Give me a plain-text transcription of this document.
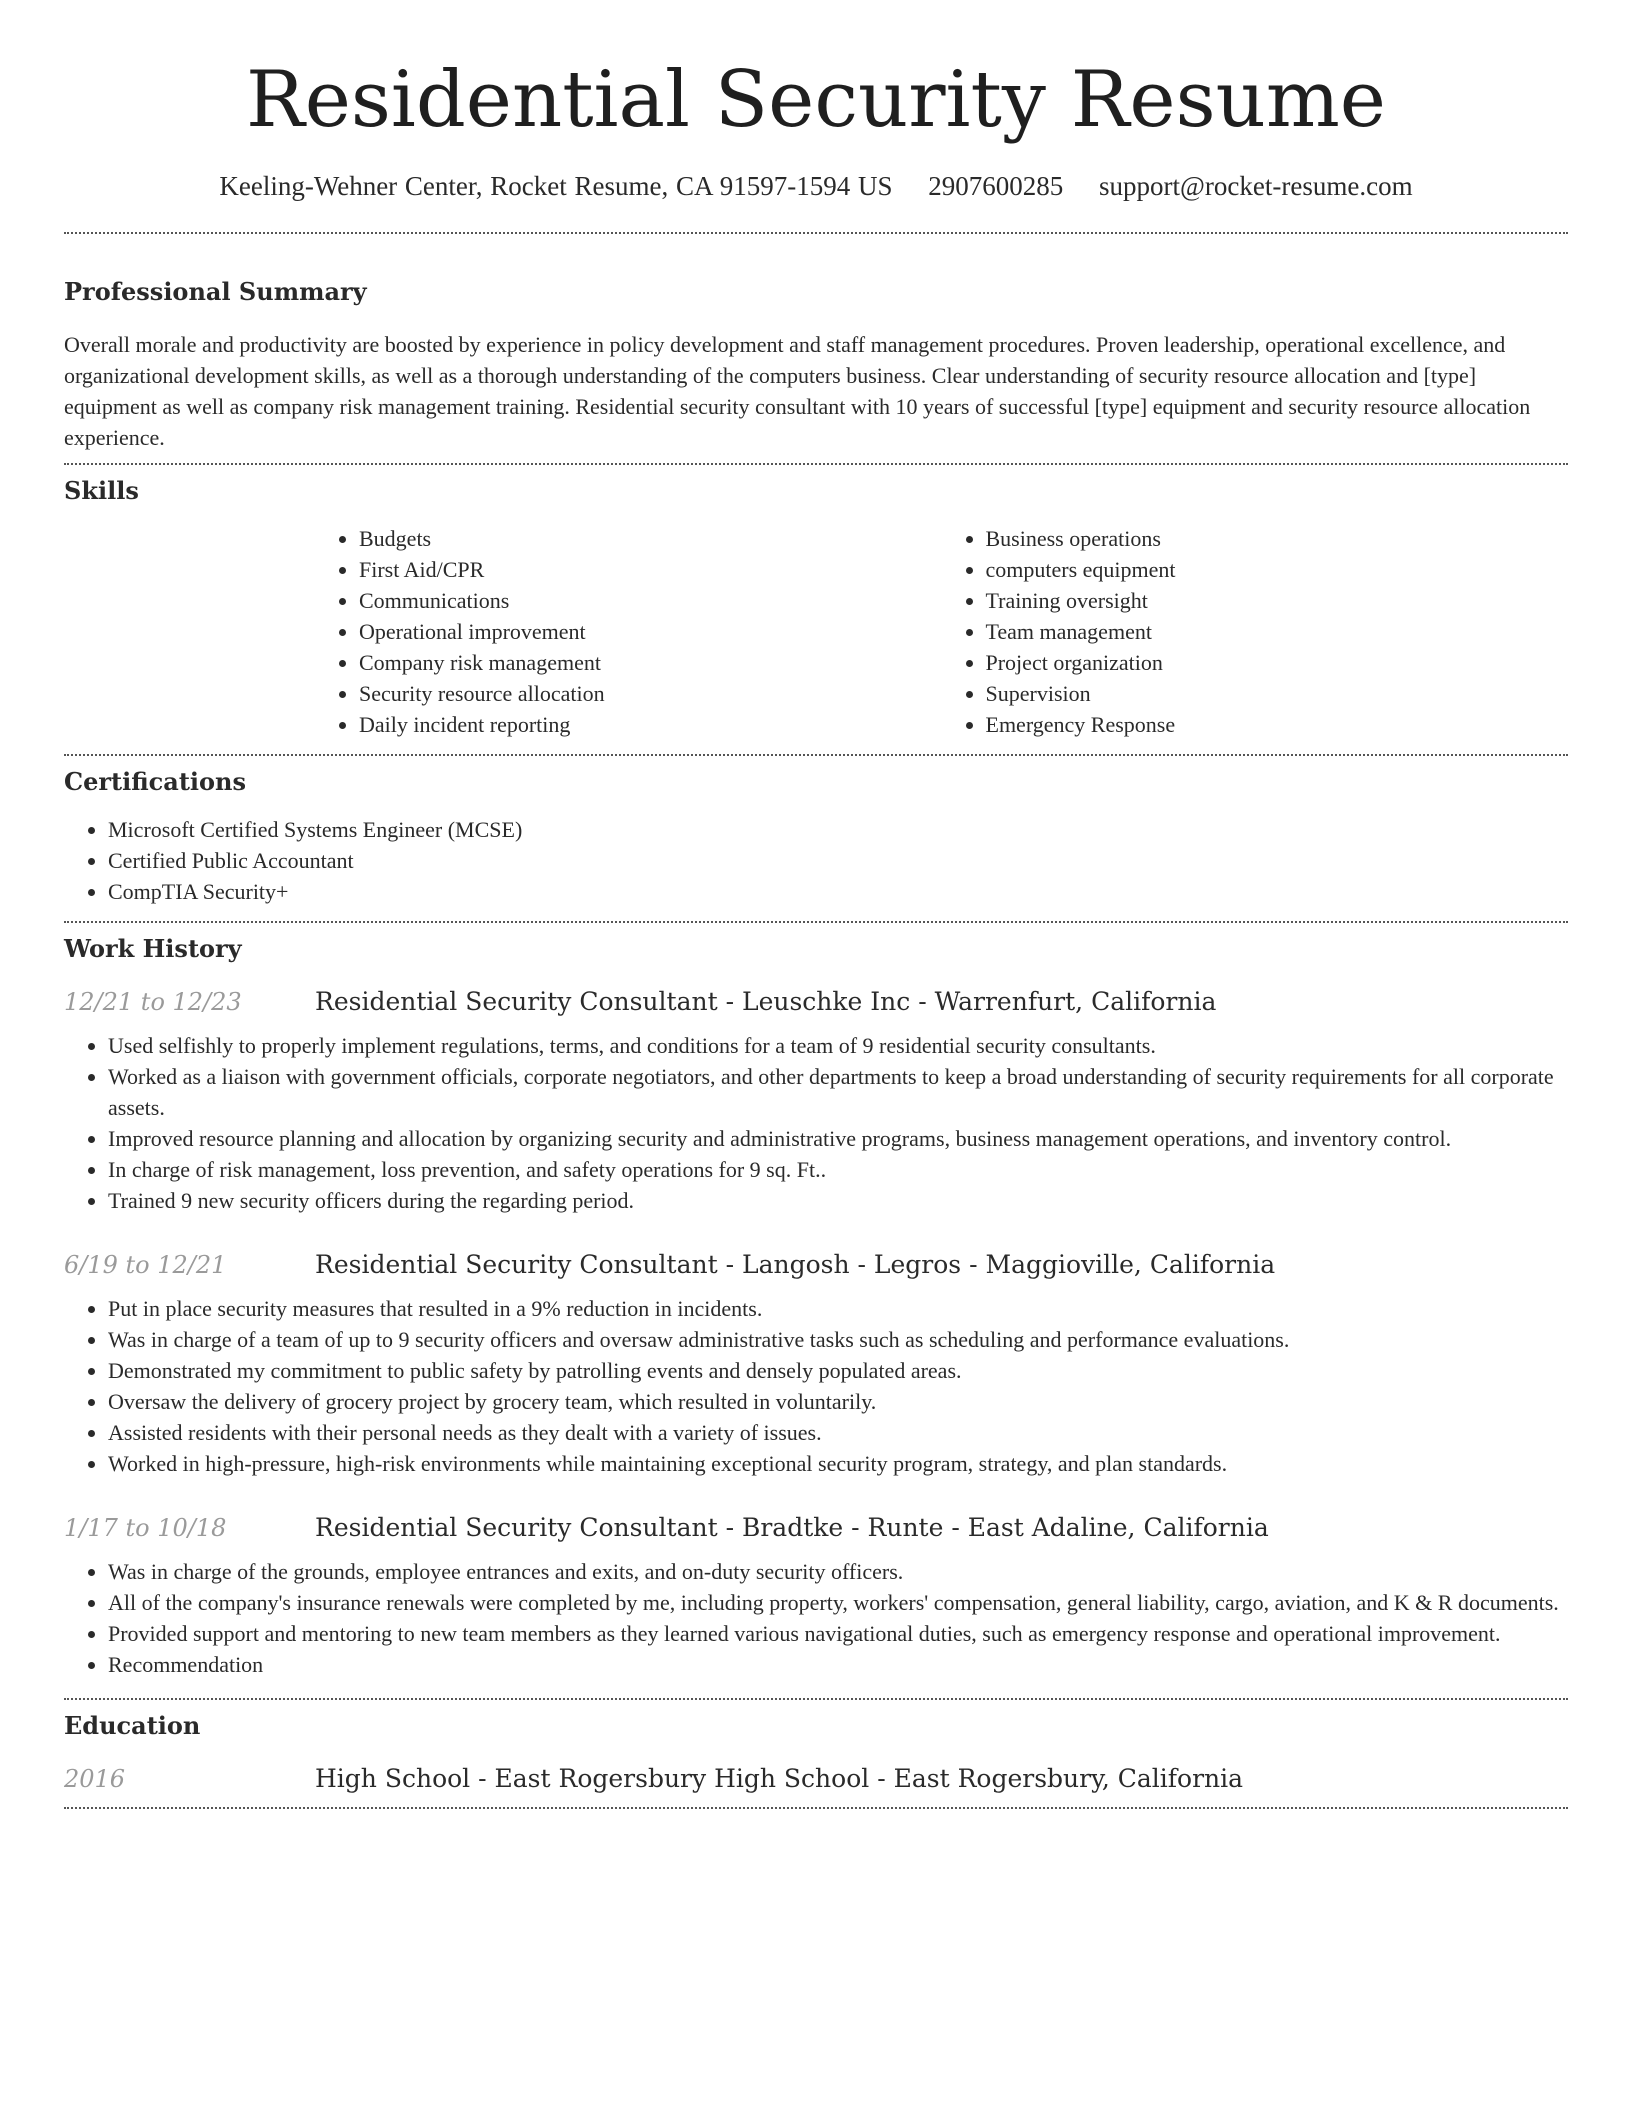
Residential Security Resume
Keeling-Wehner Center, Rocket Resume, CA 91597-1594 US 2907600285 support@rocket-resume.com
Professional Summary

Overall morale and productivity are boosted by experience in policy development and staff management procedures. Proven leadership, operational excellence, and organizational development skills, as well as a thorough understanding of the computers business. Clear understanding of security resource allocation and [type] equipment as well as company risk management training. Residential security consultant with 10 years of successful [type] equipment and security resource allocation experience.

Skills
• Budgets
• First Aid/CPR
• Communications
• Operational improvement
• Company risk management
• Security resource allocation
• Daily incident reporting
• Business operations
• computers equipment
• Training oversight
• Team management
• Project organization
• Supervision
• Emergency Response
Certifications
• Microsoft Certified Systems Engineer (MCSE)
• Certified Public Accountant
• CompTIA Security+
Work History
12/21 to 12/23	Residential Security Consultant - Leuschke Inc - Warrenfurt, California
• Used selfishly to properly implement regulations, terms, and conditions for a team of 9 residential security consultants.
• Worked as a liaison with government officials, corporate negotiators, and other departments to keep a broad understanding of security requirements for all corporate assets.
• Improved resource planning and allocation by organizing security and administrative programs, business management operations, and inventory control.
• In charge of risk management, loss prevention, and safety operations for 9 sq. Ft..
• Trained 9 new security officers during the regarding period.
6/19 to 12/21	Residential Security Consultant - Langosh - Legros - Maggioville, California
• Put in place security measures that resulted in a 9% reduction in incidents.
• Was in charge of a team of up to 9 security officers and oversaw administrative tasks such as scheduling and performance evaluations.
• Demonstrated my commitment to public safety by patrolling events and densely populated areas.
• Oversaw the delivery of grocery project by grocery team, which resulted in voluntarily.
• Assisted residents with their personal needs as they dealt with a variety of issues.
• Worked in high-pressure, high-risk environments while maintaining exceptional security program, strategy, and plan standards.
1/17 to 10/18	Residential Security Consultant - Bradtke - Runte - East Adaline, California
• Was in charge of the grounds, employee entrances and exits, and on-duty security officers.
• All of the company's insurance renewals were completed by me, including property, workers' compensation, general liability, cargo, aviation, and K & R documents.
• Provided support and mentoring to new team members as they learned various navigational duties, such as emergency response and operational improvement.
• Recommendation
Education
2016	High School - East Rogersbury High School - East Rogersbury, California
